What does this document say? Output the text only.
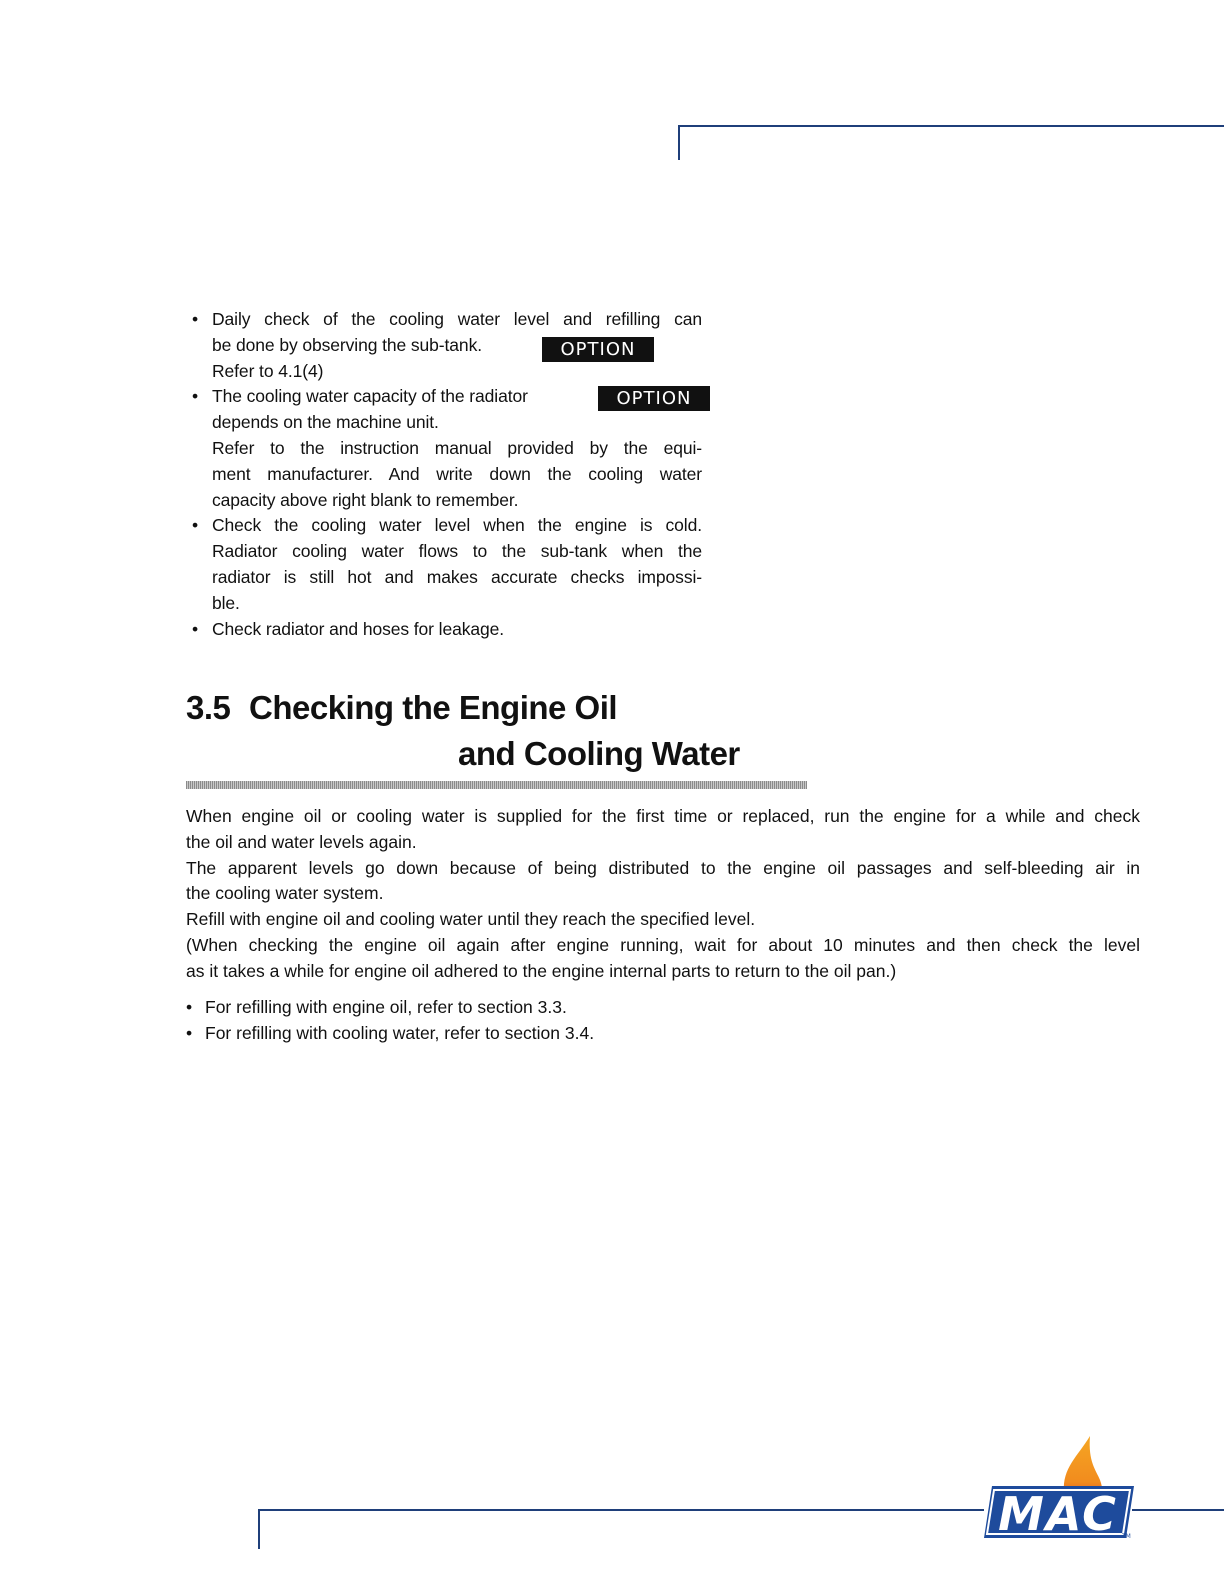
• Daily check of the cooling water level and refilling can
be done by observing the sub-tank.
Refer to 4.1(4)
• The cooling water capacity of the radiator
depends on the machine unit.
Refer to the instruction manual provided by the equi-
ment manufacturer. And write down the cooling water
capacity above right blank to remember.
• Check the cooling water level when the engine is cold.
Radiator cooling water flows to the sub-tank when the
radiator is still hot and makes accurate checks impossi-
ble.
• Check radiator and hoses for leakage.
OPTION
OPTION
3.5 Checking the Engine Oil
and Cooling Water
When engine oil or cooling water is supplied for the first time or replaced, run the engine for a while and check
the oil and water levels again.
The apparent levels go down because of being distributed to the engine oil passages and self-bleeding air in
the cooling water system.
Refill with engine oil and cooling water until they reach the specified level.
(When checking the engine oil again after engine running, wait for about 10 minutes and then check the level
as it takes a while for engine oil adhered to the engine internal parts to return to the oil pan.)
• For refilling with engine oil, refer to section 3.3.
• For refilling with cooling water, refer to section 3.4.
MAC TM
